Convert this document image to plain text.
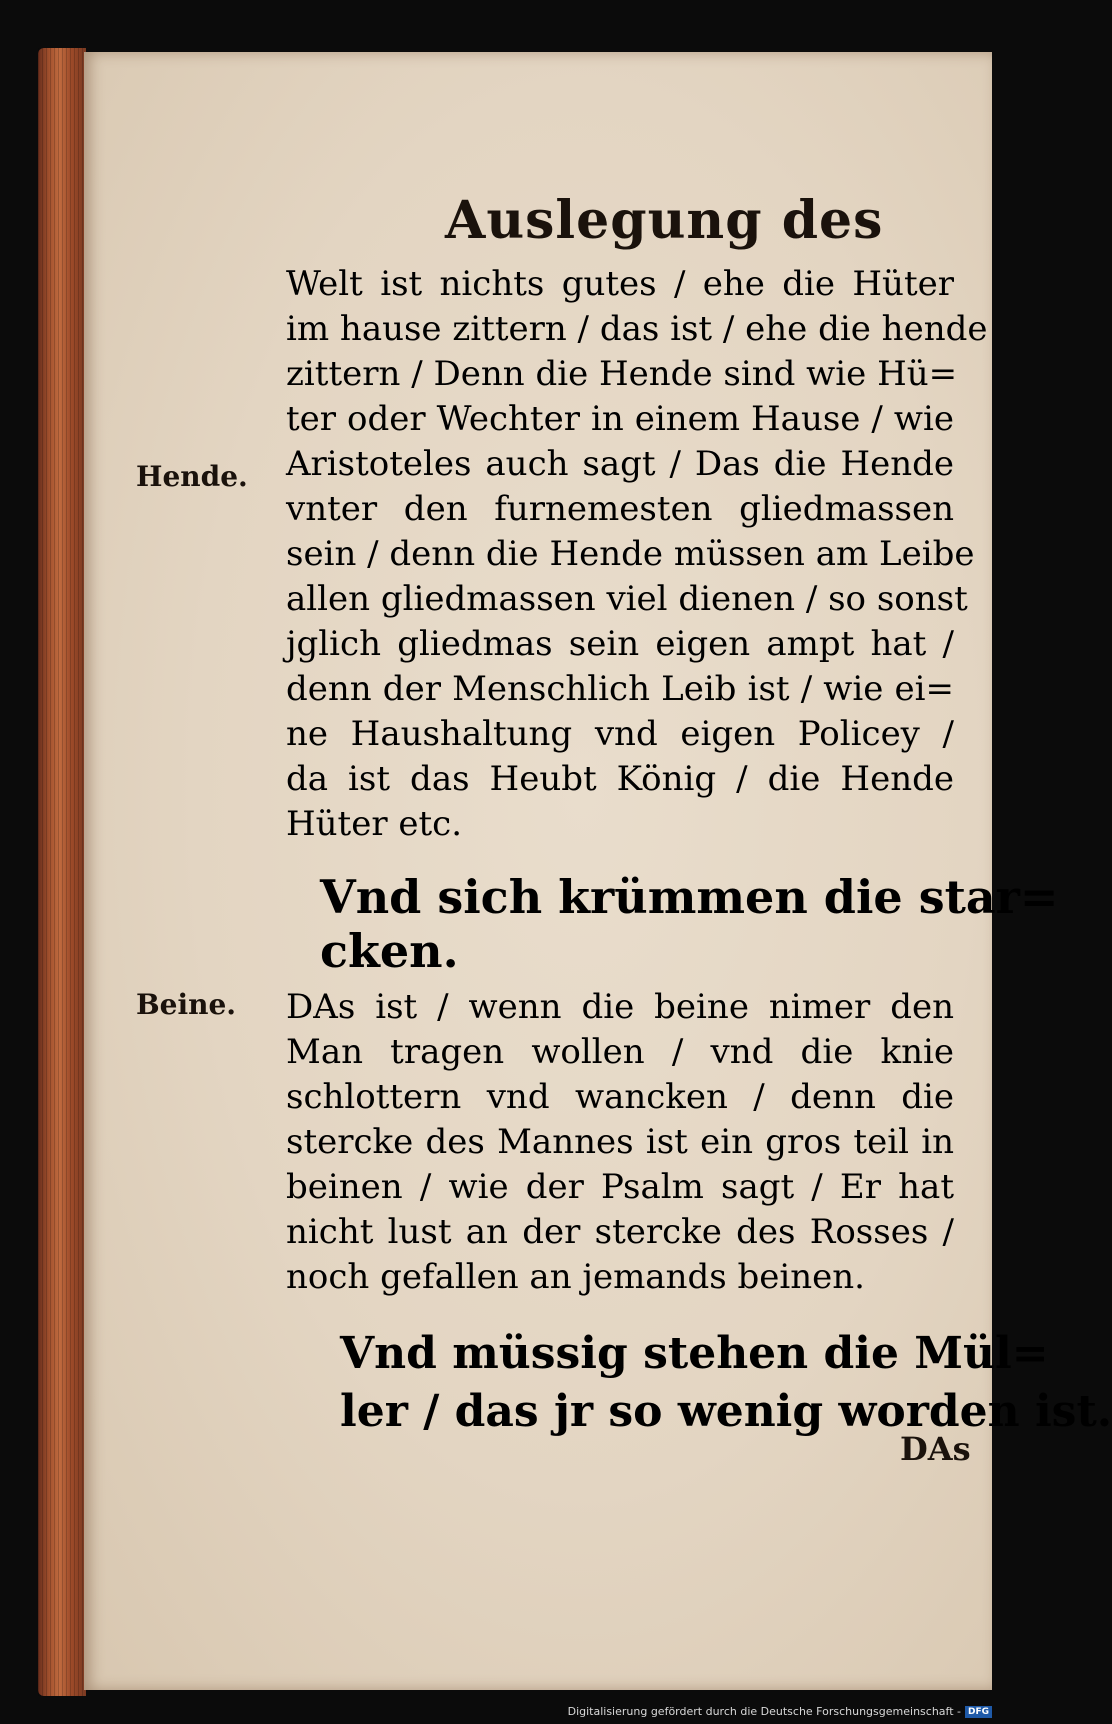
Auslegung des
Hende.
Beine.
Welt ist nichts gutes / ehe die Hüter
im hause zittern / das ist / ehe die hende
zittern / Denn die Hende sind wie Hü=
ter oder Wechter in einem Hause / wie
Aristoteles auch sagt / Das die Hende
vnter den furnemesten gliedmassen
sein / denn die Hende müssen am Leibe
allen gliedmassen viel dienen / so sonst
jglich gliedmas sein eigen ampt hat /
denn der Menschlich Leib ist / wie ei=
ne Haushaltung vnd eigen Policey /
da ist das Heubt König / die Hende
Hüter etc.
Vnd sich krümmen die star=
cken.
DAs ist / wenn die beine nimer den
Man tragen wollen / vnd die knie
schlottern vnd wancken / denn die
stercke des Mannes ist ein gros teil in
beinen / wie der Psalm sagt / Er hat
nicht lust an der stercke des Rosses /
noch gefallen an jemands beinen.
Vnd müssig stehen die Mül=
ler / das jr so wenig worden ist.
DAs
Digitalisierung gefördert durch die Deutsche Forschungsgemeinschaft - DFG
